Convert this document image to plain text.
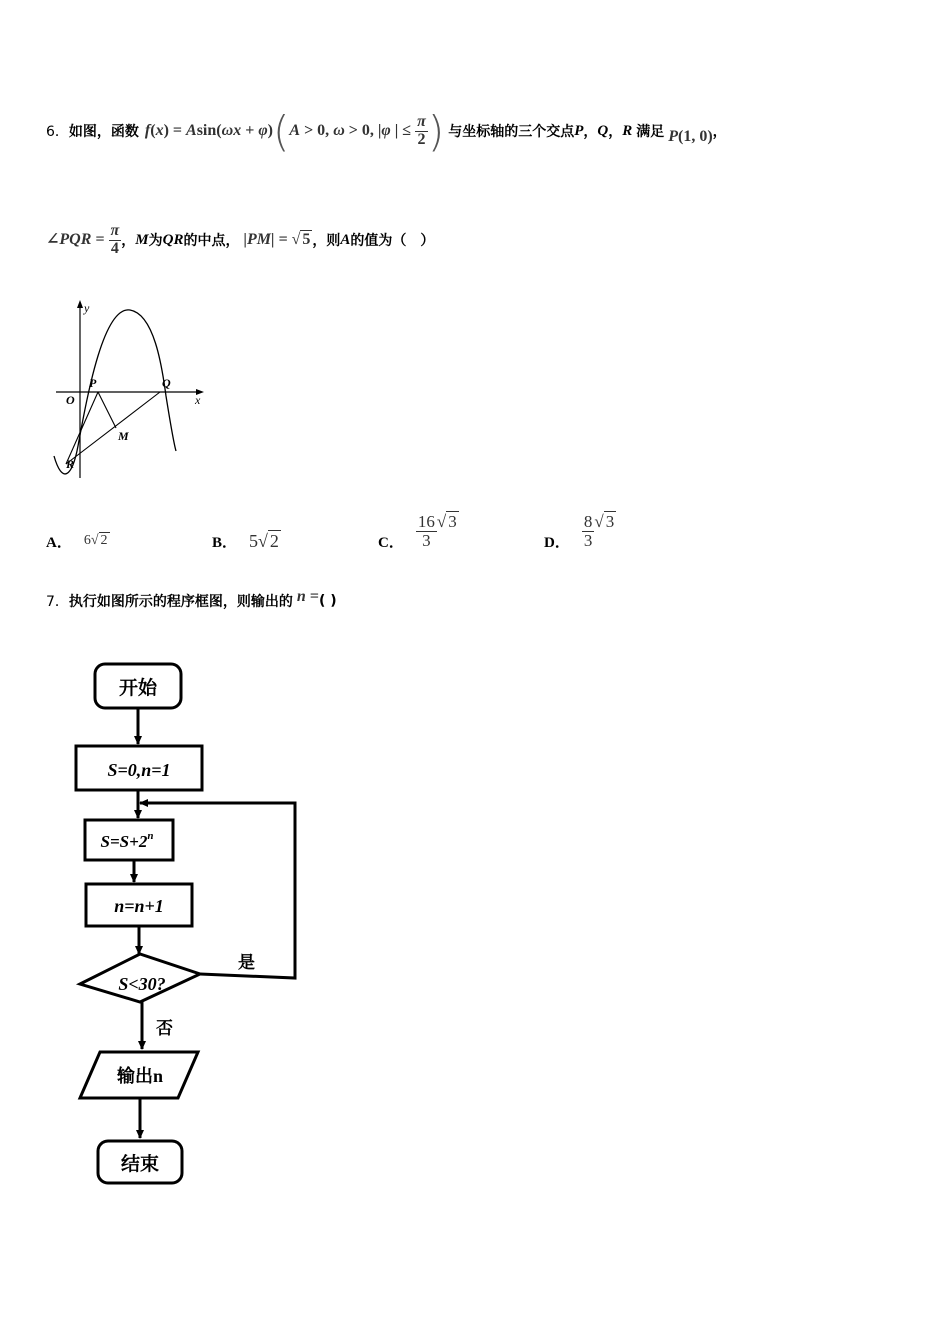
6． 如图，函数 f(x) = Asin(ωx + φ) ( A > 0, ω > 0, |φ | ≤ $\frac{\pi}{2}$ ) 与坐标轴的三个交点 P ， Q ， R 满足 P(1, 0) ，
∠PQR = $\frac{\pi}{4}$ ， M 为 QR 的中点， |PM| = √ 5 ，则 A 的值为（　）
y
x
O
P	Q
M
R
A． 6√ 2	B． 5√ 2	C． $\frac{16}{3}$ √ 3
D． $\frac{8}{3}$ √ 3
7． 执行如图所示的程序框图，则输出的 n = ( )
开始
S=0,n=1
$S=S+2^n$
n=n+1
S<30?
是
否
输出n
结束
